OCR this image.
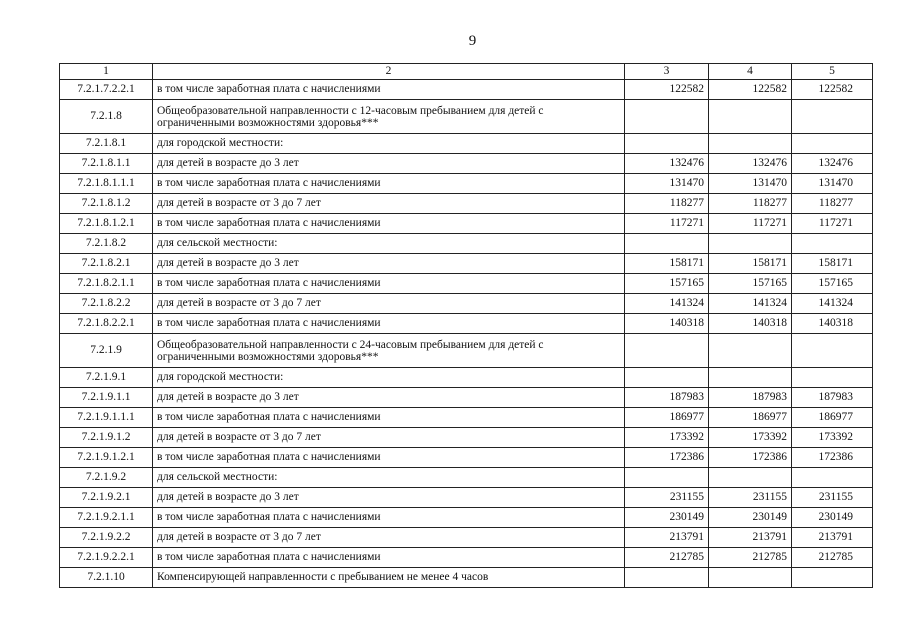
9
1	2	3	4	5
7.2.1.7.2.2.1	в том числе заработная плата с начислениями	122582	122582	122582
7.2.1.8	Общеобразовательной направленности с 12-часовым пребыванием для детей с ограниченными возможностями здоровья***			
7.2.1.8.1	для городской местности:			
7.2.1.8.1.1	для детей в возрасте до 3 лет	132476	132476	132476
7.2.1.8.1.1.1	в том числе заработная плата с начислениями	131470	131470	131470
7.2.1.8.1.2	для детей в возрасте от 3 до 7 лет	118277	118277	118277
7.2.1.8.1.2.1	в том числе заработная плата с начислениями	117271	117271	117271
7.2.1.8.2	для сельской местности:			
7.2.1.8.2.1	для детей в возрасте до 3 лет	158171	158171	158171
7.2.1.8.2.1.1	в том числе заработная плата с начислениями	157165	157165	157165
7.2.1.8.2.2	для детей в возрасте от 3 до 7 лет	141324	141324	141324
7.2.1.8.2.2.1	в том числе заработная плата с начислениями	140318	140318	140318
7.2.1.9	Общеобразовательной направленности с 24-часовым пребыванием для детей с ограниченными возможностями здоровья***			
7.2.1.9.1	для городской местности:			
7.2.1.9.1.1	для детей в возрасте до 3 лет	187983	187983	187983
7.2.1.9.1.1.1	в том числе заработная плата с начислениями	186977	186977	186977
7.2.1.9.1.2	для детей в возрасте от 3 до 7 лет	173392	173392	173392
7.2.1.9.1.2.1	в том числе заработная плата с начислениями	172386	172386	172386
7.2.1.9.2	для сельской местности:			
7.2.1.9.2.1	для детей в возрасте до 3 лет	231155	231155	231155
7.2.1.9.2.1.1	в том числе заработная плата с начислениями	230149	230149	230149
7.2.1.9.2.2	для детей в возрасте от 3 до 7 лет	213791	213791	213791
7.2.1.9.2.2.1	в том числе заработная плата с начислениями	212785	212785	212785
7.2.1.10	Компенсирующей направленности с пребыванием не менее 4 часов			
